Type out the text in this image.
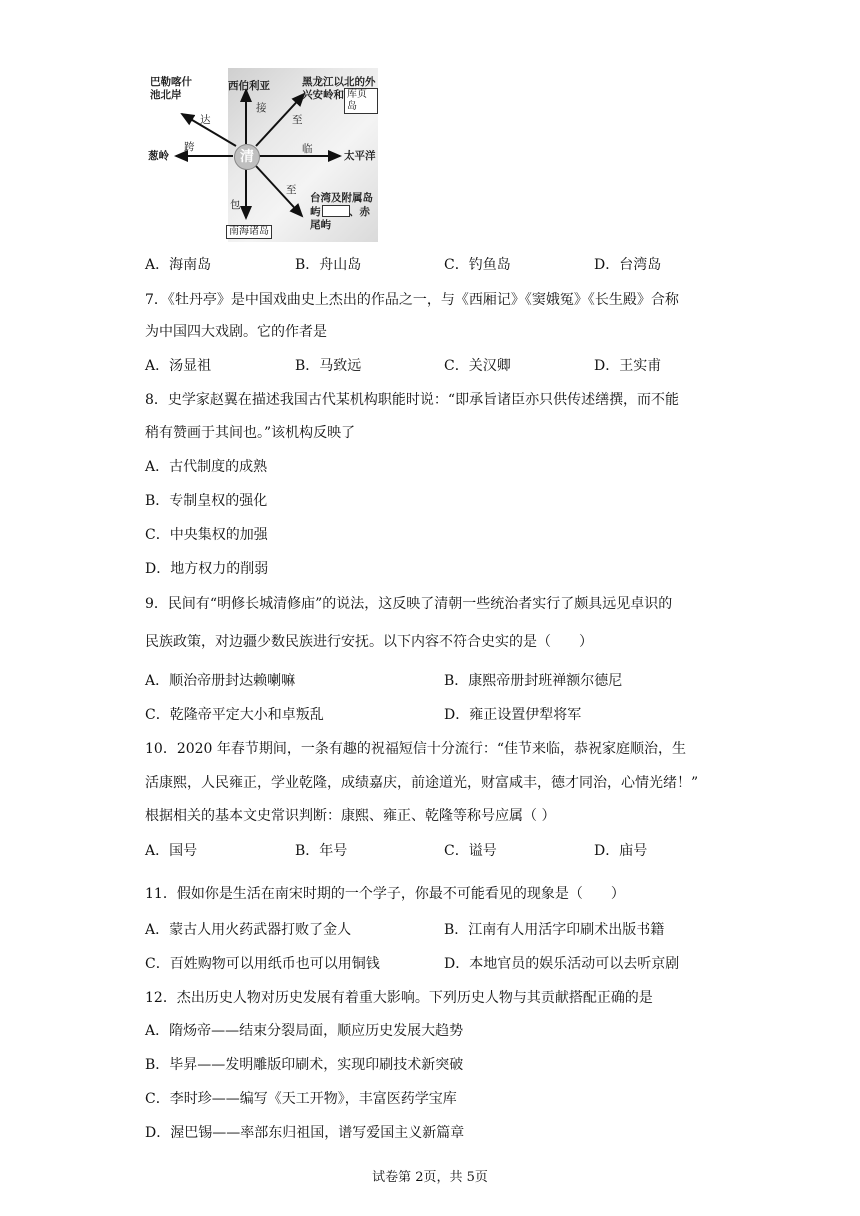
清
巴勒喀什
池北岸
达
西伯利亚
接
黑龙江以北的外
兴安岭和 库页岛
至
葱岭
跨
太平洋
临
包
南海诸岛
至
台湾及附属岛
屿	、赤
尾屿
A．海南岛	B．舟山岛	C．钓鱼岛	D．台湾岛
7．《牡丹亭》是中国戏曲史上杰出的作品之一，与《西厢记》《窦娥冤》《长生殿》合称
为中国四大戏剧。它的作者是
A．汤显祖	B．马致远	C．关汉卿	D．王实甫
8．史学家赵翼在描述我国古代某机构职能时说：“即承旨诸臣亦只供传述缮撰，而不能
稍有赞画于其间也。”该机构反映了
A．古代制度的成熟
B．专制皇权的强化
C．中央集权的加强
D．地方权力的削弱
9．民间有“明修长城清修庙”的说法，这反映了清朝一些统治者实行了颇具远见卓识的
民族政策，对边疆少数民族进行安抚。以下内容不符合史实的是（　　）
A．顺治帝册封达赖喇嘛	B．康熙帝册封班禅额尔德尼
C．乾隆帝平定大小和卓叛乱	D．雍正设置伊犁将军
10．2020 年春节期间，一条有趣的祝福短信十分流行：“佳节来临，恭祝家庭顺治，生
活康熙，人民雍正，学业乾隆，成绩嘉庆，前途道光，财富咸丰，德才同治，心情光绪！”
根据相关的基本文史常识判断：康熙、雍正、乾隆等称号应属（ ）
A．国号	B．年号	C．谥号	D．庙号
11．假如你是生活在南宋时期的一个学子，你最不可能看见的现象是（　　）
A．蒙古人用火药武器打败了金人	B．江南有人用活字印刷术出版书籍
C．百姓购物可以用纸币也可以用铜钱	D．本地官员的娱乐活动可以去听京剧
12．杰出历史人物对历史发展有着重大影响。下列历史人物与其贡献搭配正确的是
A．隋炀帝——结束分裂局面，顺应历史发展大趋势
B．毕昇——发明雕版印刷术，实现印刷技术新突破
C．李时珍——编写《天工开物》，丰富医药学宝库
D．渥巴锡——率部东归祖国，谱写爱国主义新篇章
试卷第 2页，共 5页
